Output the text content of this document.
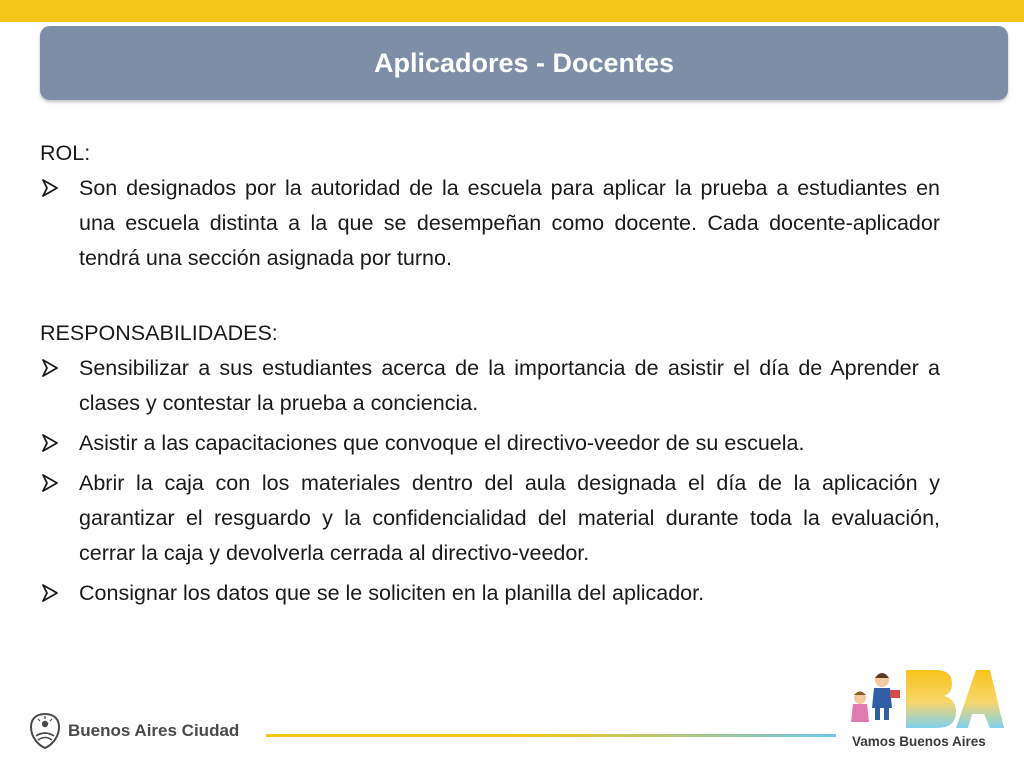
Aplicadores - Docentes

ROL:

Son designados por la autoridad de la escuela para aplicar la prueba a estudiantes en una escuela distinta a la que se desempeñan como docente. Cada docente-aplicador tendrá una sección asignada por turno.

RESPONSABILIDADES:

Sensibilizar a sus estudiantes acerca de la importancia de asistir el día de Aprender a clases y contestar la prueba a conciencia.
Asistir a las capacitaciones que convoque el directivo-veedor de su escuela.
Abrir la caja con los materiales dentro del aula designada el día de la aplicación y garantizar el resguardo y la confidencialidad del material durante toda la evaluación, cerrar la caja y devolverla cerrada al directivo-veedor.
Consignar los datos que se le soliciten en la planilla del aplicador.
Buenos Aires Ciudad
Vamos Buenos Aires
